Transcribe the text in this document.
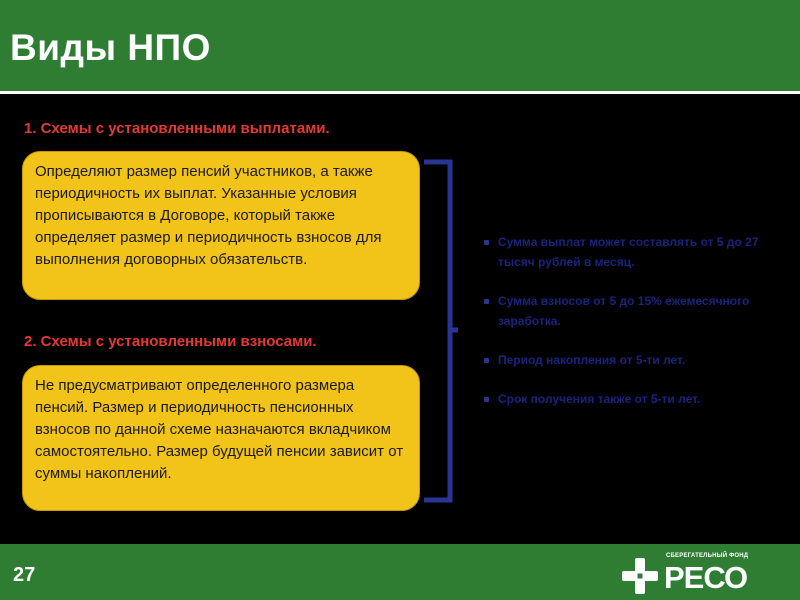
Виды НПО
1. Схемы с установленными выплатами.
Определяют размер пенсий участников, а также периодичность их выплат. Указанные условия прописываются в Договоре, который также определяет размер и периодичность взносов для выполнения договорных обязательств.
2. Схемы с установленными взносами.
Не предусматривают определенного размера пенсий. Размер и периодичность пенсионных взносов по данной схеме назначаются вкладчиком самостоятельно. Размер будущей пенсии зависит от суммы накоплений.
Сумма выплат может составлять от 5 до 27 тысяч рублей в месяц.
Сумма взносов от 5 до 15% ежемесячного заработка.
Период накопления от 5-ти лет.
Срок получения также от 5-ти лет.
27
СБЕРЕГАТЕЛЬНЫЙ ФОНД
РЕСО
